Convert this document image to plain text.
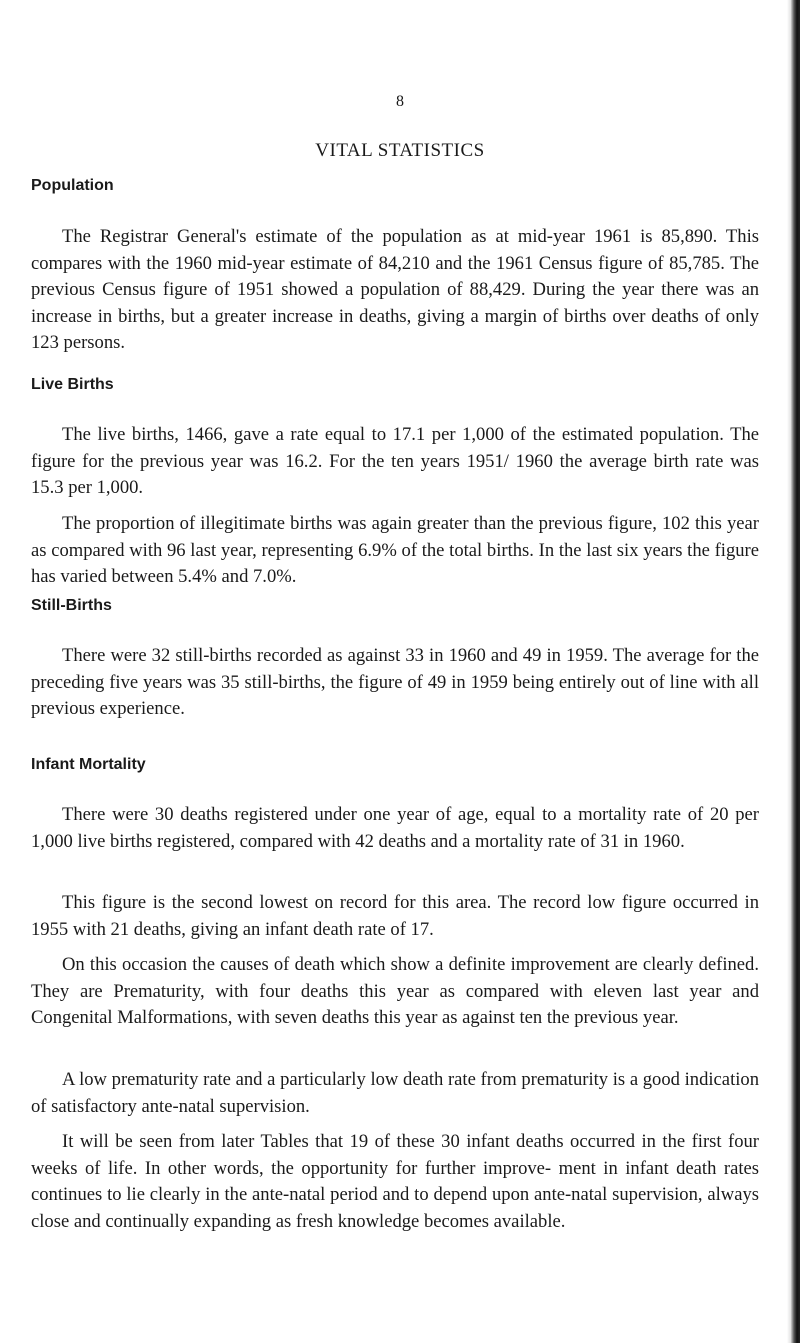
8
VITAL STATISTICS
Population

The Registrar General's estimate of the population as at mid-year 1961 is 85,890. This compares with the 1960 mid-year estimate of 84,210 and the 1961 Census figure of 85,785. The previous Census figure of 1951 showed a population of 88,429. During the year there was an increase in births, but a greater increase in deaths, giving a margin of births over deaths of only 123 persons.

Live Births

The live births, 1466, gave a rate equal to 17.1 per 1,000 of the estimated population. The figure for the previous year was 16.2. For the ten years 1951/ 1960 the average birth rate was 15.3 per 1,000.

The proportion of illegitimate births was again greater than the previous figure, 102 this year as compared with 96 last year, representing 6.9% of the total births. In the last six years the figure has varied between 5.4% and 7.0%.

Still-Births

There were 32 still-births recorded as against 33 in 1960 and 49 in 1959. The average for the preceding five years was 35 still-births, the figure of 49 in 1959 being entirely out of line with all previous experience.

Infant Mortality

There were 30 deaths registered under one year of age, equal to a mortality rate of 20 per 1,000 live births registered, compared with 42 deaths and a mortality rate of 31 in 1960.

This figure is the second lowest on record for this area. The record low figure occurred in 1955 with 21 deaths, giving an infant death rate of 17.

On this occasion the causes of death which show a definite improvement are clearly defined. They are Prematurity, with four deaths this year as compared with eleven last year and Congenital Malformations, with seven deaths this year as against ten the previous year.

A low prematurity rate and a particularly low death rate from prematurity is a good indication of satisfactory ante-natal supervision.

It will be seen from later Tables that 19 of these 30 infant deaths occurred in the first four weeks of life. In other words, the opportunity for further improve- ment in infant death rates continues to lie clearly in the ante-natal period and to depend upon ante-natal supervision, always close and continually expanding as fresh knowledge becomes available.
